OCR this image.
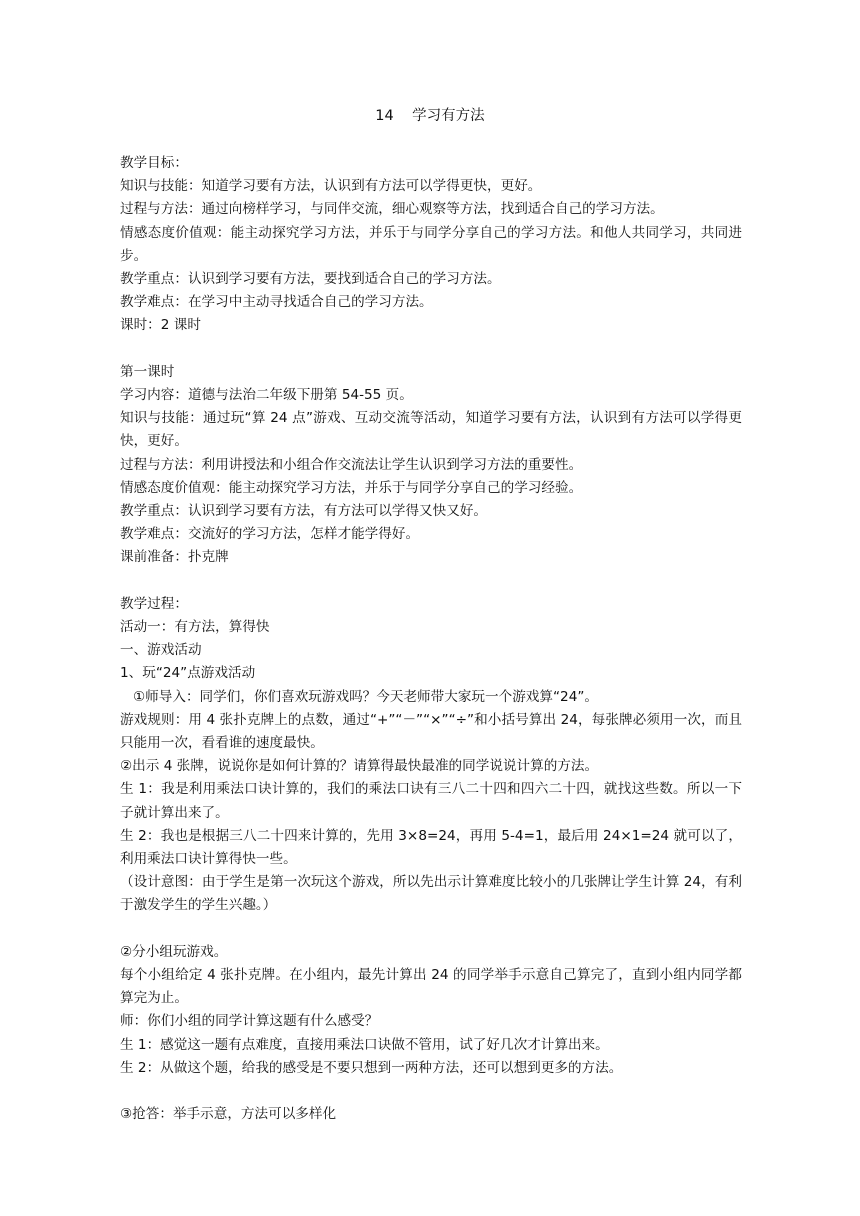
14    学习有方法

教学目标：

知识与技能：知道学习要有方法，认识到有方法可以学得更快，更好。

过程与方法：通过向榜样学习，与同伴交流，细心观察等方法，找到适合自己的学习方法。

情感态度价值观：能主动探究学习方法，并乐于与同学分享自己的学习方法。和他人共同学习，共同进步。

教学重点：认识到学习要有方法，要找到适合自己的学习方法。

教学难点：在学习中主动寻找适合自己的学习方法。

课时：2 课时

第一课时

学习内容：道德与法治二年级下册第 54-55 页。

知识与技能：通过玩“算 24 点”游戏、互动交流等活动，知道学习要有方法，认识到有方法可以学得更快，更好。

过程与方法：利用讲授法和小组合作交流法让学生认识到学习方法的重要性。

情感态度价值观：能主动探究学习方法，并乐于与同学分享自己的学习经验。

教学重点：认识到学习要有方法，有方法可以学得又快又好。

教学难点：交流好的学习方法，怎样才能学得好。

课前准备：扑克牌

教学过程：

活动一：有方法，算得快

一、游戏活动

1、玩“24”点游戏活动

①师导入：同学们，你们喜欢玩游戏吗？今天老师带大家玩一个游戏算“24”。

游戏规则：用 4 张扑克牌上的点数，通过“+”“－”“×”“÷”和小括号算出 24，每张牌必须用一次，而且只能用一次，看看谁的速度最快。

②出示 4 张牌，说说你是如何计算的？请算得最快最准的同学说说计算的方法。

生 1：我是利用乘法口诀计算的，我们的乘法口诀有三八二十四和四六二十四，就找这些数。所以一下子就计算出来了。

生 2：我也是根据三八二十四来计算的，先用 3×8=24，再用 5-4=1，最后用 24×1=24 就可以了，利用乘法口诀计算得快一些。

（设计意图：由于学生是第一次玩这个游戏，所以先出示计算难度比较小的几张牌让学生计算 24，有利于激发学生的学生兴趣。）

②分小组玩游戏。

每个小组给定 4 张扑克牌。在小组内，最先计算出 24 的同学举手示意自己算完了，直到小组内同学都算完为止。

师：你们小组的同学计算这题有什么感受？

生 1：感觉这一题有点难度，直接用乘法口诀做不管用，试了好几次才计算出来。

生 2：从做这个题，给我的感受是不要只想到一两种方法，还可以想到更多的方法。

③抢答：举手示意，方法可以多样化
